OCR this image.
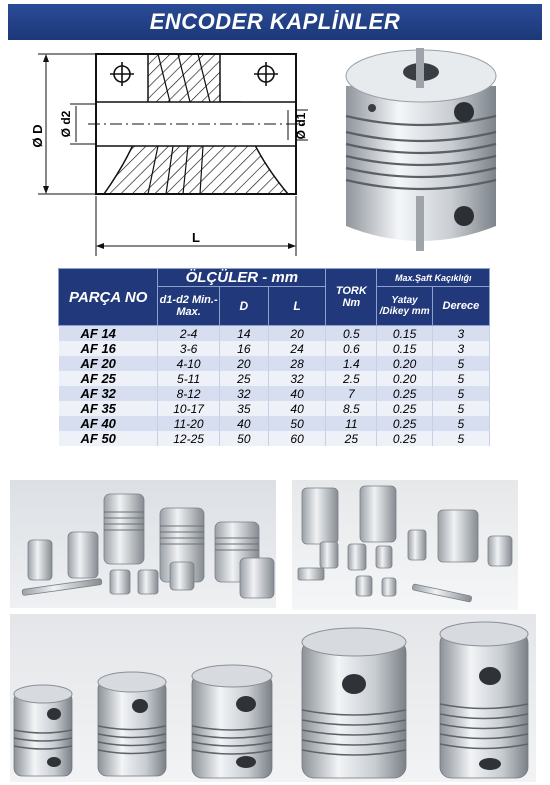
ENCODER KAPLİNLER
Ø D Ø d2	Ø d1
L
PARÇA NO	ÖLÇÜLER - mm			TORK Nm	Max.Şaft Kaçıklığı	
	d1-d2 Min.-Max.	D	L		Yatay /Dikey mm	Derece
AF 14	2-4	14	20	0.5	0.15	3
AF 16	3-6	16	24	0.6	0.15	3
AF 20	4-10	20	28	1.4	0.20	5
AF 25	5-11	25	32	2.5	0.20	5
AF 32	8-12	32	40	7	0.25	5
AF 35	10-17	35	40	8.5	0.25	5
AF 40	11-20	40	50	11	0.25	5
AF 50	12-25	50	60	25	0.25	5
